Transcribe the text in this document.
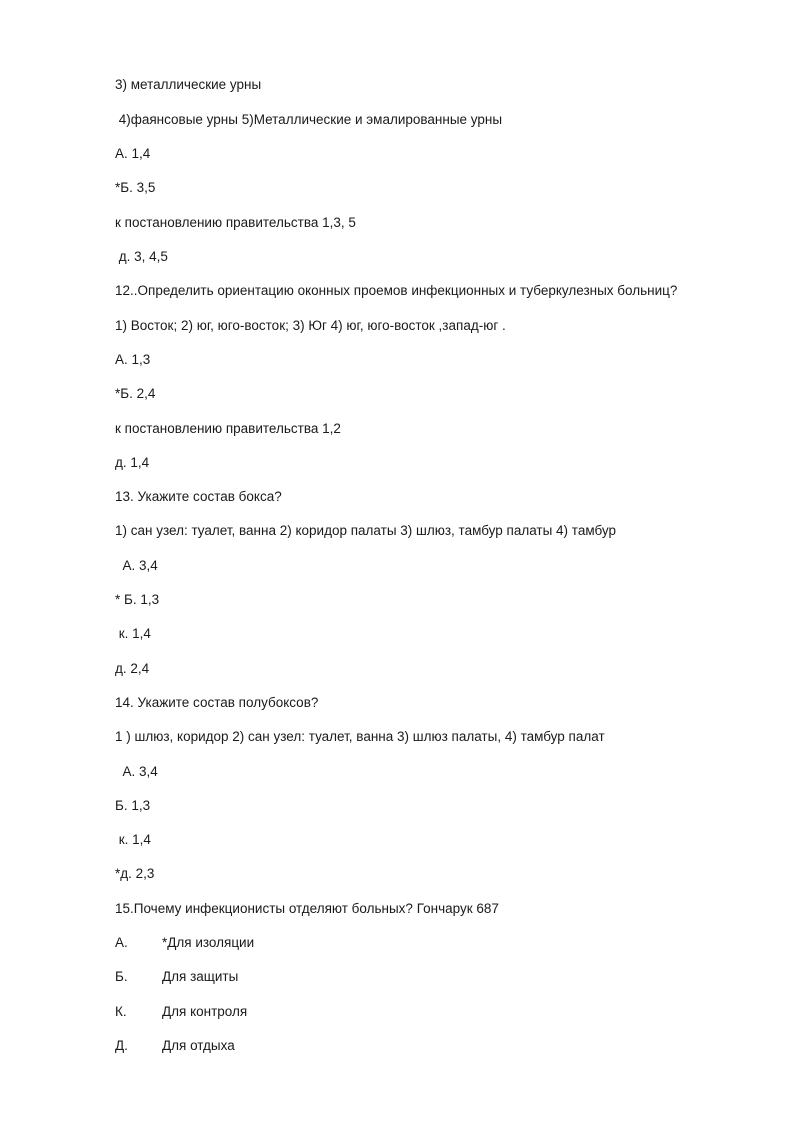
3) металлические урны
4)фаянсовые урны 5)Металлические и эмалированные урны
А. 1,4
*Б. 3,5
к постановлению правительства 1,3, 5
д. 3, 4,5
12..Определить ориентацию оконных проемов инфекционных и туберкулезных больниц?
1) Восток; 2) юг, юго-восток; 3) Юг 4) юг, юго-восток ,запад-юг .
А. 1,3
*Б. 2,4
к постановлению правительства 1,2
д. 1,4
13. Укажите состав бокса?
1) сан узел: туалет, ванна 2) коридор палаты 3) шлюз, тамбур палаты 4) тамбур
А. 3,4
* Б. 1,3
к. 1,4
д. 2,4
14. Укажите состав полубоксов?
1 ) шлюз, коридор 2) сан узел: туалет, ванна 3) шлюз палаты, 4) тамбур палат
А. 3,4
Б. 1,3
к. 1,4
*д. 2,3
15.Почему инфекционисты отделяют больных? Гончарук 687
А.	*Для изоляции
Б.	Для защиты
К.	Для контроля
Д.	Для отдыха
